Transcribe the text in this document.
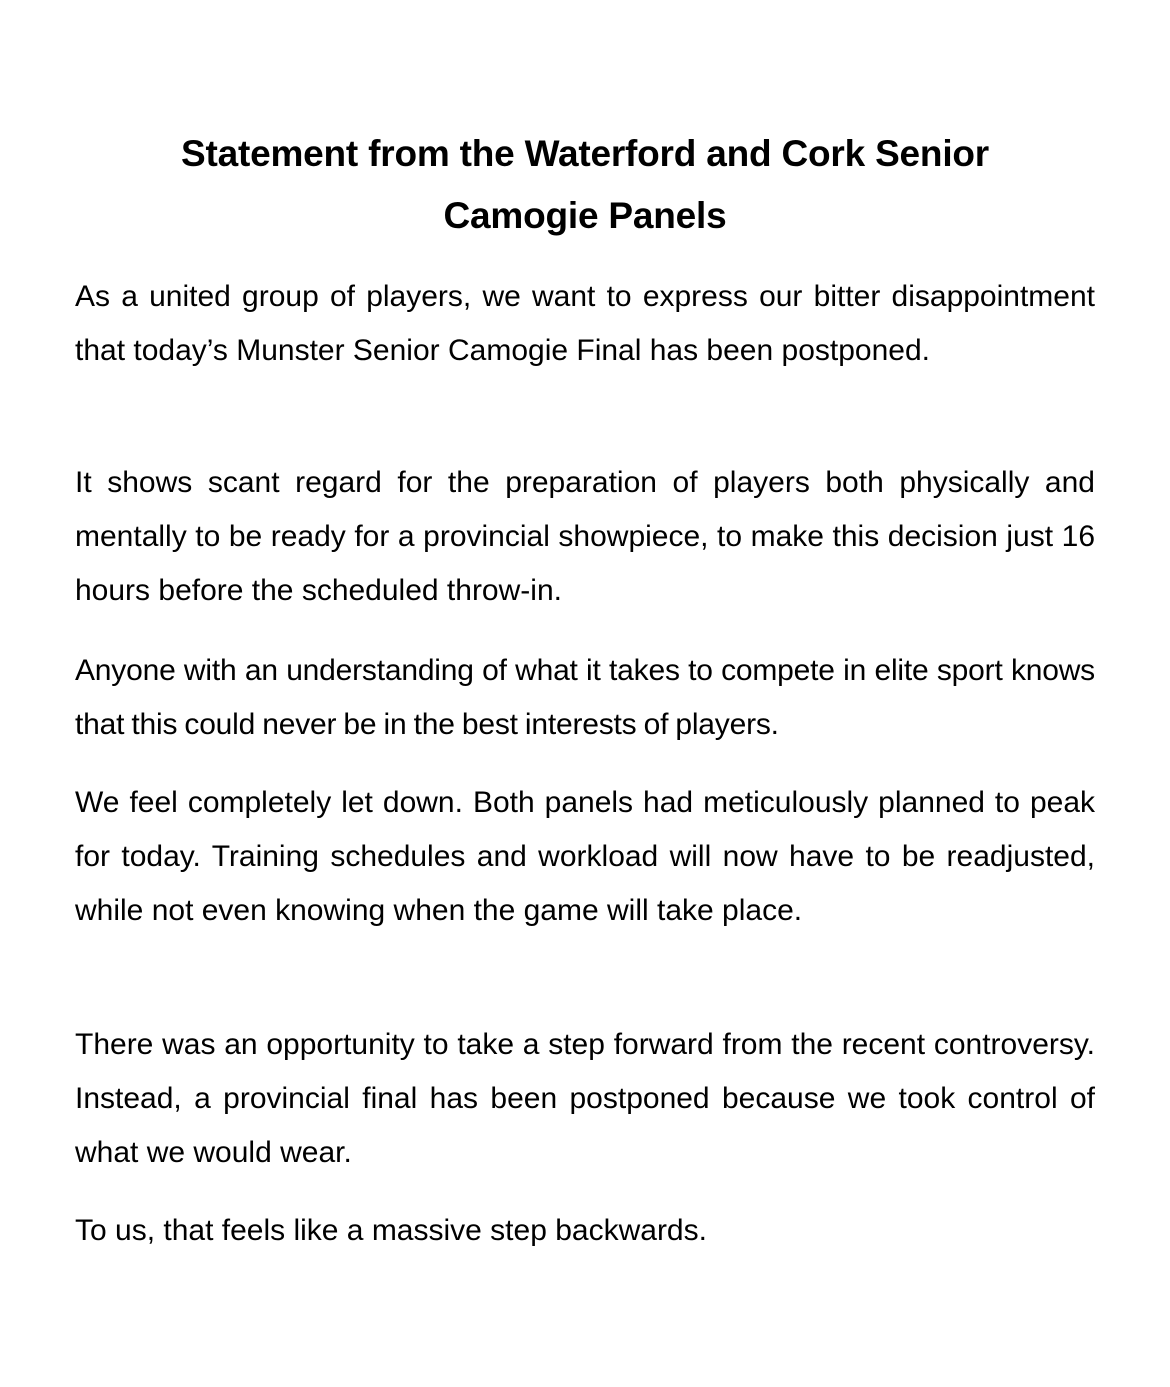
Statement from the Waterford and Cork Senior
Camogie Panels

As a united group of players, we want to express our bitter disappointment that today’s Munster Senior Camogie Final has been postponed.

It shows scant regard for the preparation of players both physically and mentally to be ready for a provincial showpiece, to make this decision just 16 hours before the scheduled throw-in.

Anyone with an understanding of what it takes to compete in elite sport knows that this could never be in the best interests of players.

We feel completely let down. Both panels had meticulously planned to peak for today. Training schedules and workload will now have to be readjusted, while not even knowing when the game will take place.

There was an opportunity to take a step forward from the recent controversy. Instead, a provincial final has been postponed because we took control of what we would wear.

To us, that feels like a massive step backwards.
